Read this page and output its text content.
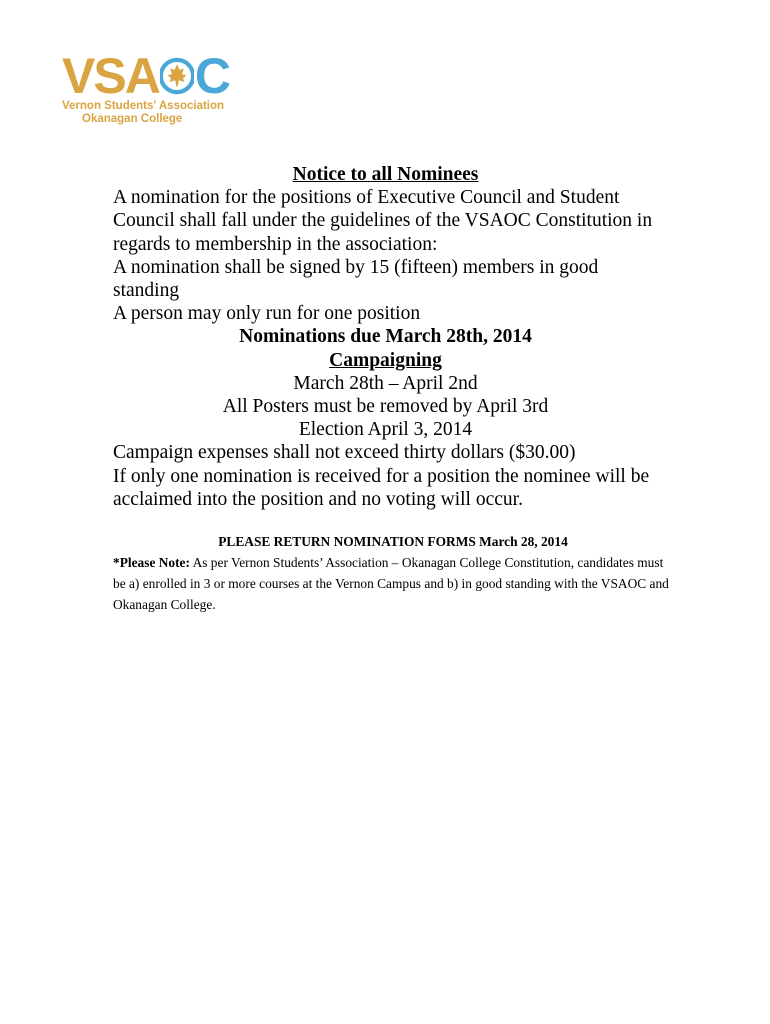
VSA C
Vernon Students' Association
Okanagan College

Notice to all Nominees

A nomination for the positions of Executive Council and Student Council shall fall under the guidelines of the VSAOC Constitution in regards to membership in the association:

A nomination shall be signed by 15 (fifteen) members in good standing

A person may only run for one position

Nominations due March 28th, 2014

Campaigning

March 28th – April 2nd

All Posters must be removed by April 3rd

Election April 3, 2014

Campaign expenses shall not exceed thirty dollars ($30.00)

If only one nomination is received for a position the nominee will be acclaimed into the position and no voting will occur.

PLEASE RETURN NOMINATION FORMS March 28, 2014

*Please Note: As per Vernon Students’ Association – Okanagan College Constitution, candidates must be a) enrolled in 3 or more courses at the Vernon Campus and b) in good standing with the VSAOC and Okanagan College.
